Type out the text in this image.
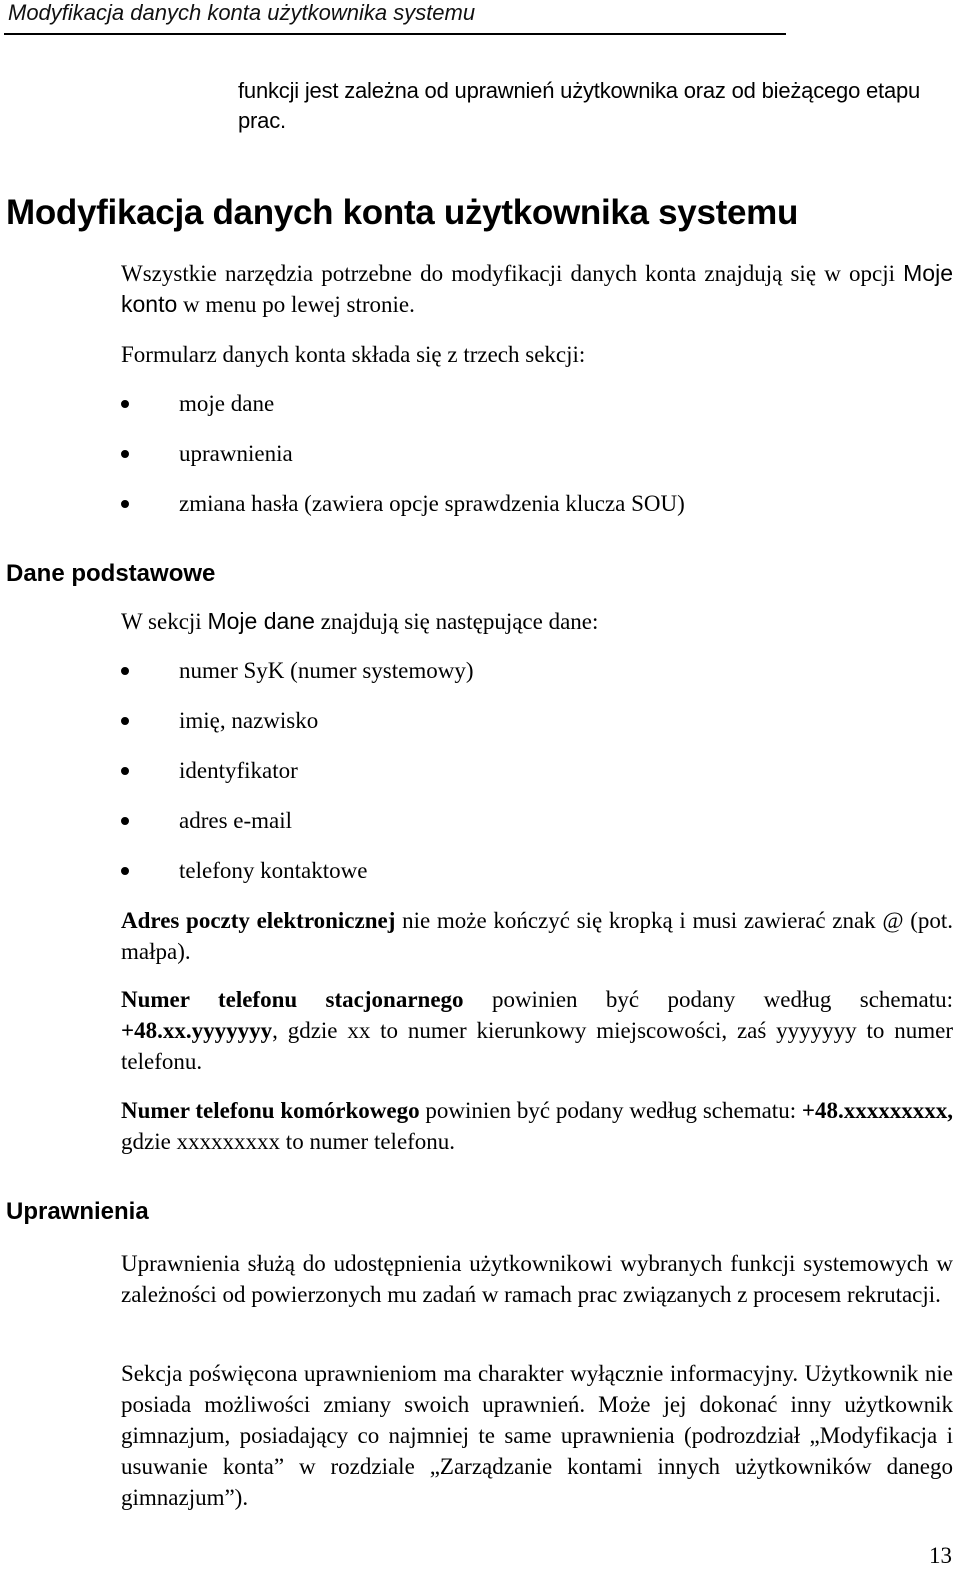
Modyfikacja danych konta użytkownika systemu
funkcji jest zależna od uprawnień użytkownika oraz od bieżącego etapu
prac.
Modyfikacja danych konta użytkownika systemu

Wszystkie narzędzia potrzebne do modyfikacji danych konta znajdują się w opcji Moje konto w menu po lewej stronie.

Formularz danych konta składa się z trzech sekcji:

moje dane
uprawnienia
zmiana hasła (zawiera opcje sprawdzenia klucza SOU)
Dane podstawowe

W sekcji Moje dane znajdują się następujące dane:

numer SyK (numer systemowy)
imię, nazwisko
identyfikator
adres e-mail
telefony kontaktowe

Adres poczty elektronicznej nie może kończyć się kropką i musi zawierać znak @ (pot. małpa).

Numer telefonu stacjonarnego powinien być podany według schematu: +48.xx.yyyyyyy, gdzie xx to numer kierunkowy miejscowości, zaś yyyyyyy to numer telefonu.

Numer telefonu komórkowego powinien być podany według schematu: +48.xxxxxxxxx, gdzie xxxxxxxxx to numer telefonu.

Uprawnienia

Uprawnienia służą do udostępnienia użytkownikowi wybranych funkcji systemowych w zależności od powierzonych mu zadań w ramach prac związanych z procesem rekrutacji.

Sekcja poświęcona uprawnieniom ma charakter wyłącznie informacyjny. Użytkownik nie posiada możliwości zmiany swoich uprawnień. Może jej dokonać inny użytkownik gimnazjum, posiadający co najmniej te same uprawnienia (podrozdział „Modyfikacja i usuwanie konta” w rozdziale „Zarządzanie kontami innych użytkowników danego gimnazjum”).

13
